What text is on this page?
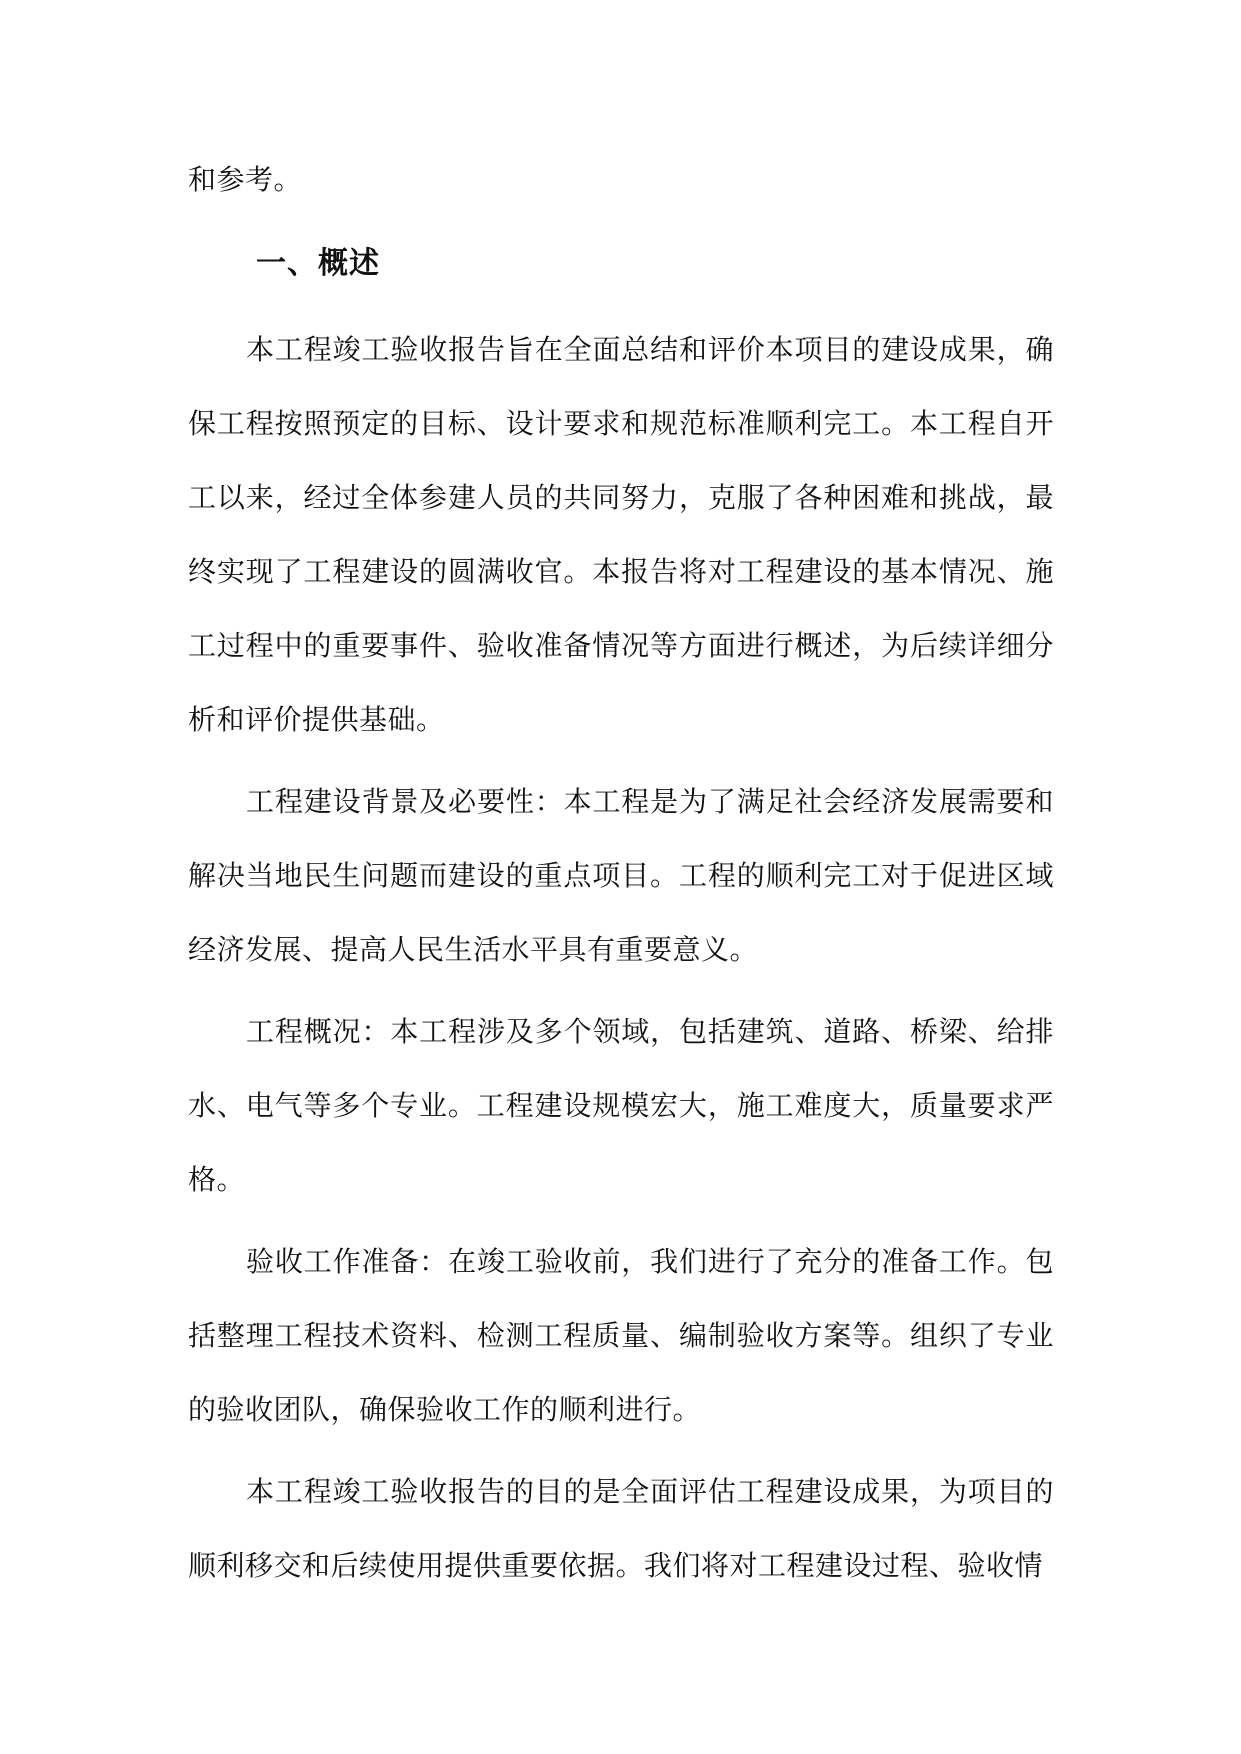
和参考。

一、概述

本工程竣工验收报告旨在全面总结和评价本项目的建设成果，确保工程按照预定的目标、设计要求和规范标准顺利完工。本工程自开工以来，经过全体参建人员的共同努力，克服了各种困难和挑战，最终实现了工程建设的圆满收官。本报告将对工程建设的基本情况、施工过程中的重要事件、验收准备情况等方面进行概述，为后续详细分析和评价提供基础。

工程建设背景及必要性：本工程是为了满足社会经济发展需要和解决当地民生问题而建设的重点项目。工程的顺利完工对于促进区域经济发展、提高人民生活水平具有重要意义。

工程概况：本工程涉及多个领域，包括建筑、道路、桥梁、给排水、电气等多个专业。工程建设规模宏大，施工难度大，质量要求严格。

验收工作准备：在竣工验收前，我们进行了充分的准备工作。包括整理工程技术资料、检测工程质量、编制验收方案等。组织了专业的验收团队，确保验收工作的顺利进行。

本工程竣工验收报告的目的是全面评估工程建设成果，为项目的顺利移交和后续使用提供重要依据。我们将对工程建设过程、验收情
